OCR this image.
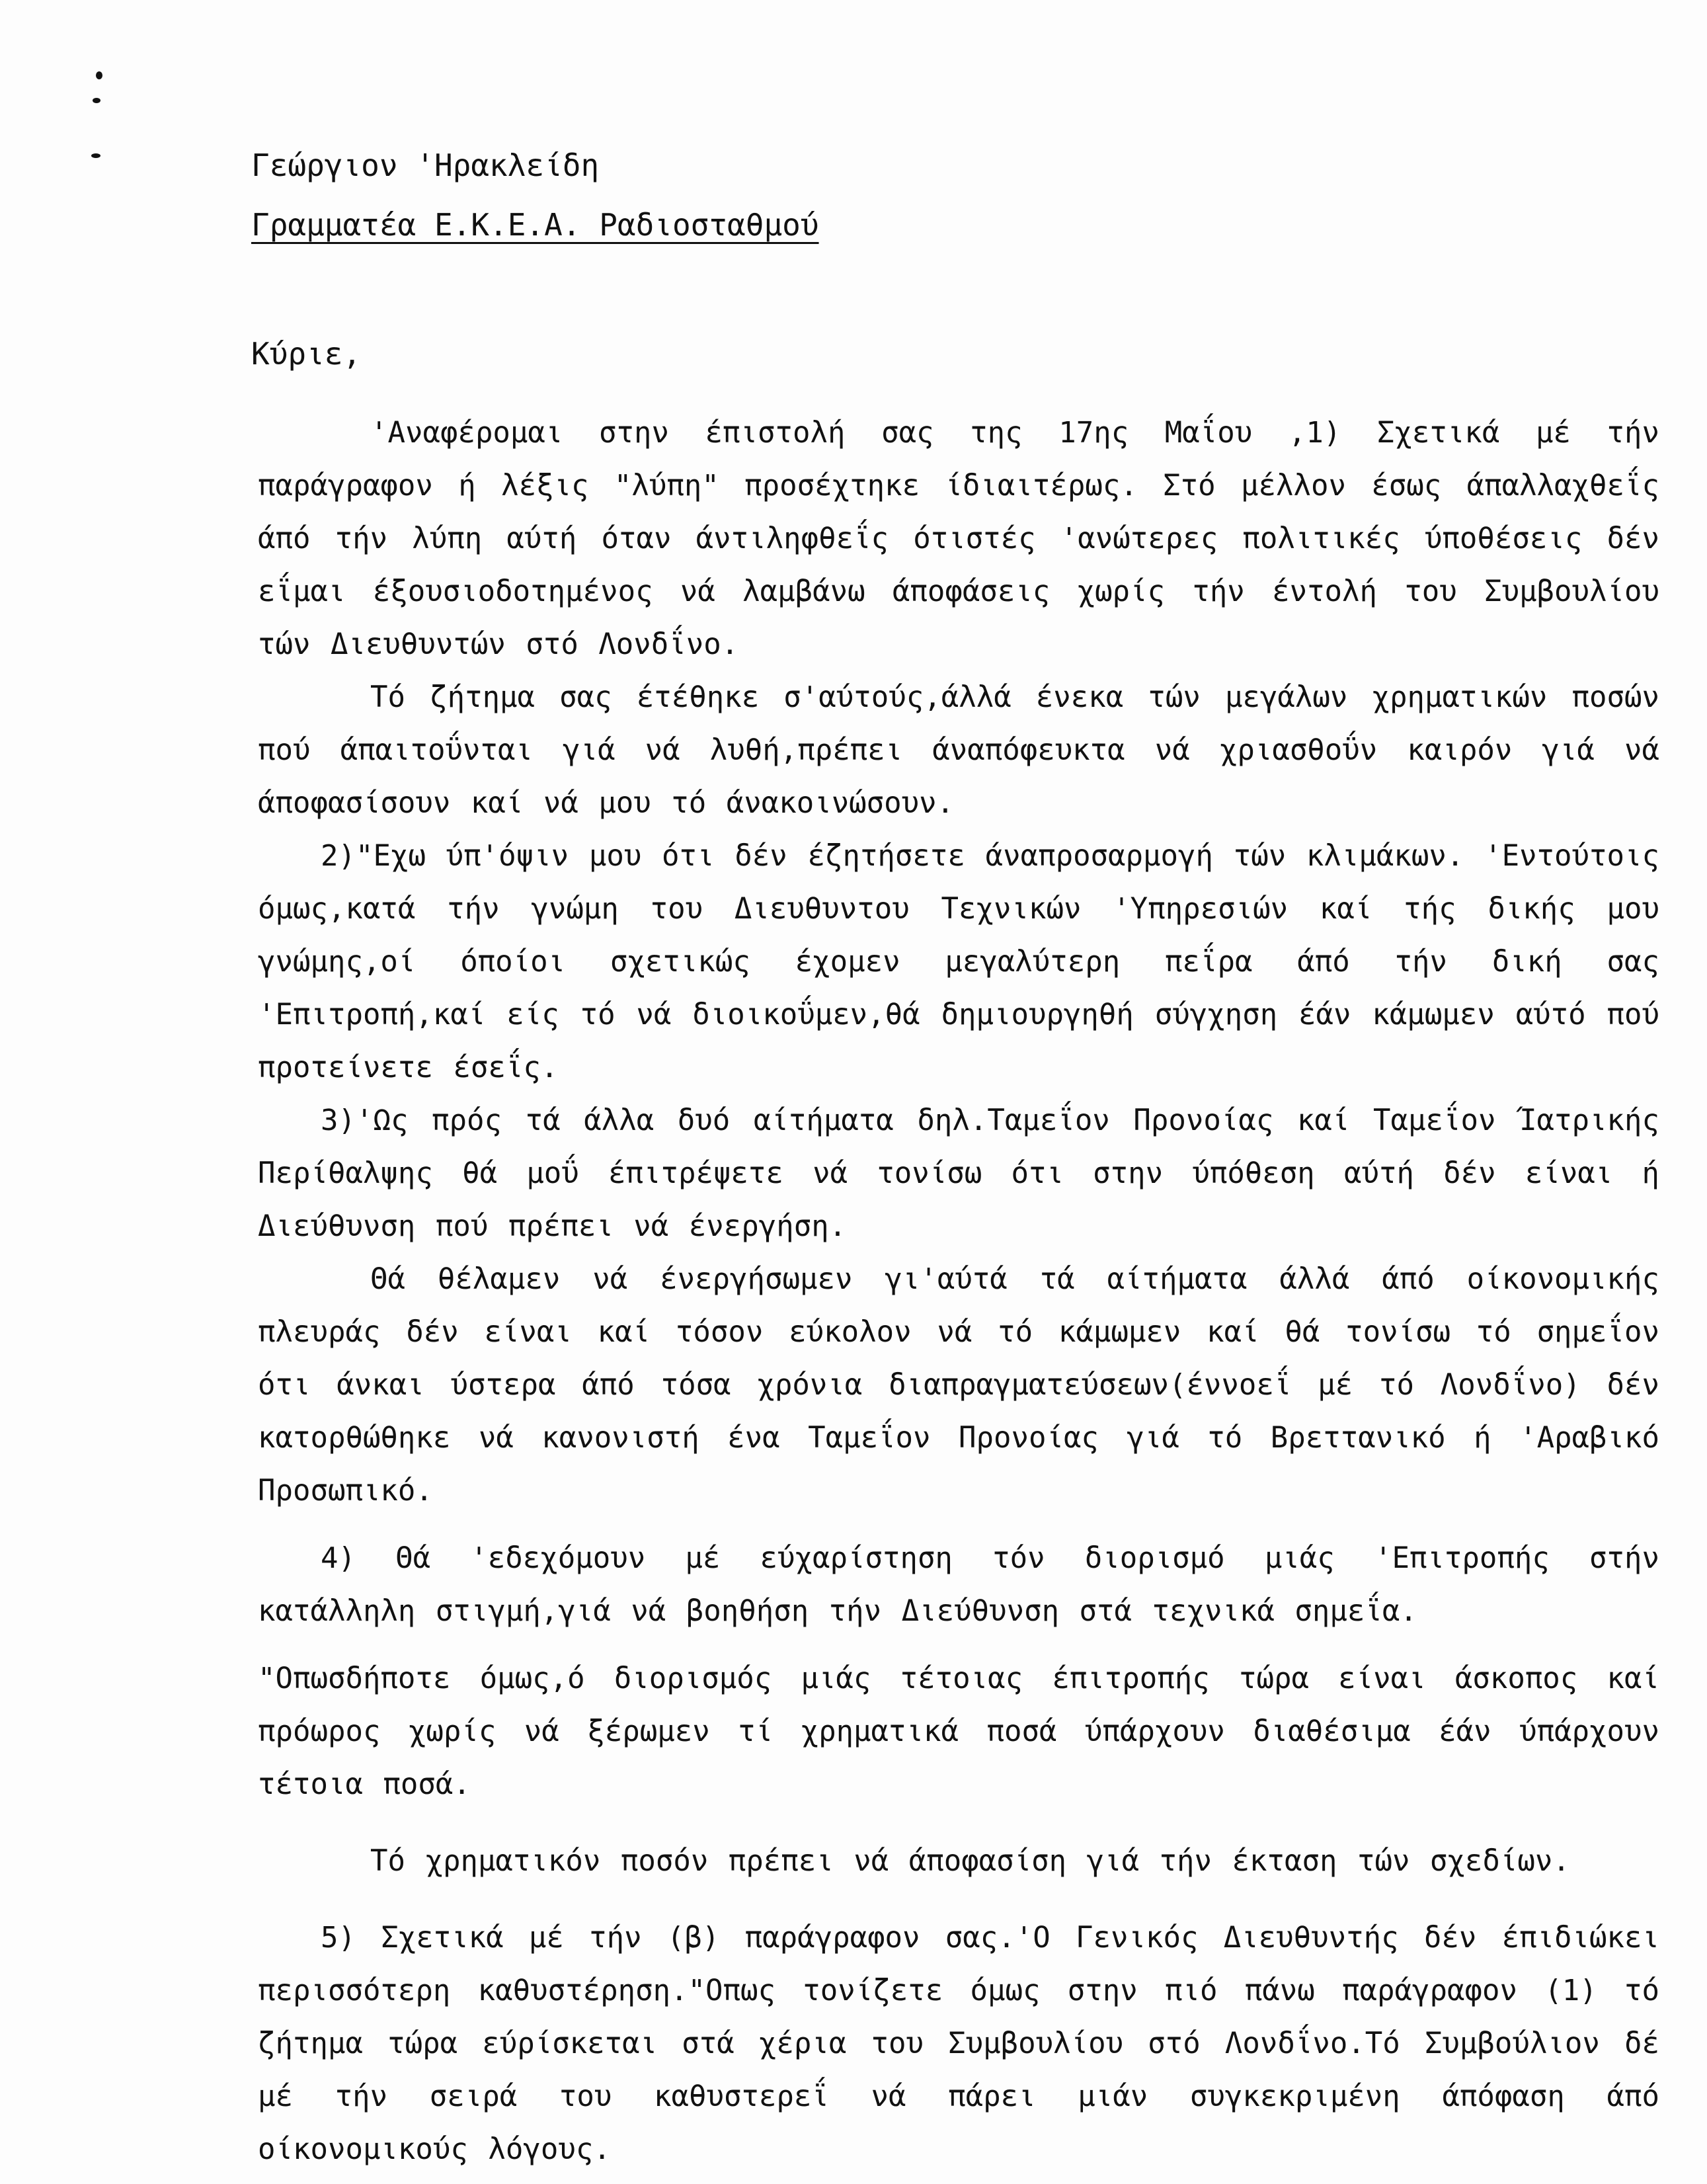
Γεώργιον 'Ηρακλείδη
Γραμματέα Ε.Κ.Ε.Α. Ραδιοσταθμού
Κύριε,

'Αναφέρομαι στην έπιστολή σας της 17ης Μαΐου ,1) Σχετικά μέ τήν παράγραφον ή λέξις "λύπη" προσέχτηκε ίδιαιτέρως. Στό μέλλον έσως άπαλλαχθεΐς άπό τήν λύπη αύτή όταν άντιληφθεΐς ότιστές 'ανώτερες πολιτικές ύποθέσεις δέν εΐμαι έξουσιοδοτημένος νά λαμβάνω άποφάσεις χωρίς τήν έντολή του Συμβουλίου τών Διευθυντών στό Λονδΐνο.

Τό ζήτημα σας έτέθηκε σ'αύτούς,άλλά ένεκα τών μεγάλων χρηματικών ποσών πού άπαιτοΰνται γιά νά λυθή,πρέπει άναπόφευκτα νά χριασθοΰν καιρόν γιά νά άποφασίσουν καί νά μου τό άνακοινώσουν.

2)"Εχω ύπ'όψιν μου ότι δέν έζητήσετε άναπροσαρμογή τών κλιμάκων. 'Εντούτοις όμως,κατά τήν γνώμη του Διευθυντου Τεχνικών 'Υπηρεσιών καί τής δικής μου γνώμης,οί όποίοι σχετικώς έχομεν μεγαλύτερη πεΐρα άπό τήν δική σας 'Επιτροπή,καί είς τό νά διοικοΰμεν,θά δημιουργηθή σύγχηση έάν κάμωμεν αύτό πού προτείνετε έσεΐς.

3)'Ως πρός τά άλλα δυό αίτήματα δηλ.Ταμεΐον Προνοίας καί Ταμεΐον Ίατρικής Περίθαλψης θά μοΰ έπιτρέψετε νά τονίσω ότι στην ύπόθεση αύτή δέν είναι ή Διεύθυνση πού πρέπει νά ένεργήση.

Θά θέλαμεν νά ένεργήσωμεν γι'αύτά τά αίτήματα άλλά άπό οίκονομικής πλευράς δέν είναι καί τόσον εύκολον νά τό κάμωμεν καί θά τονίσω τό σημεΐον ότι άνκαι ύστερα άπό τόσα χρόνια διαπραγματεύσεων(έννοεΐ μέ τό Λονδΐνο) δέν κατορθώθηκε νά κανονιστή ένα Ταμεΐον Προνοίας γιά τό Βρεττανικό ή 'Αραβικό Προσωπικό.

4) Θά 'εδεχόμουν μέ εύχαρίστηση τόν διορισμό μιάς 'Επιτροπής στήν κατάλληλη στιγμή,γιά νά βοηθήση τήν Διεύθυνση στά τεχνικά σημεΐα.

"Οπωσδήποτε όμως,ό διορισμός μιάς τέτοιας έπιτροπής τώρα είναι άσκοπος καί πρόωρος χωρίς νά ξέρωμεν τί χρηματικά ποσά ύπάρχουν διαθέσιμα έάν ύπάρχουν τέτοια ποσά.

Τό χρηματικόν ποσόν πρέπει νά άποφασίση γιά τήν έκταση τών σχεδίων.

5) Σχετικά μέ τήν (β) παράγραφον σας.'Ο Γενικός Διευθυντής δέν έπιδιώκει περισσότερη καθυστέρηση."Οπως τονίζετε όμως στην πιό πάνω παράγραφον (1) τό ζήτημα τώρα εύρίσκεται στά χέρια του Συμβουλίου στό Λονδΐνο.Τό Συμβούλιον δέ μέ τήν σειρά του καθυστερεΐ νά πάρει μιάν συγκεκριμένη άπόφαση άπό οίκονομικούς λόγους.
